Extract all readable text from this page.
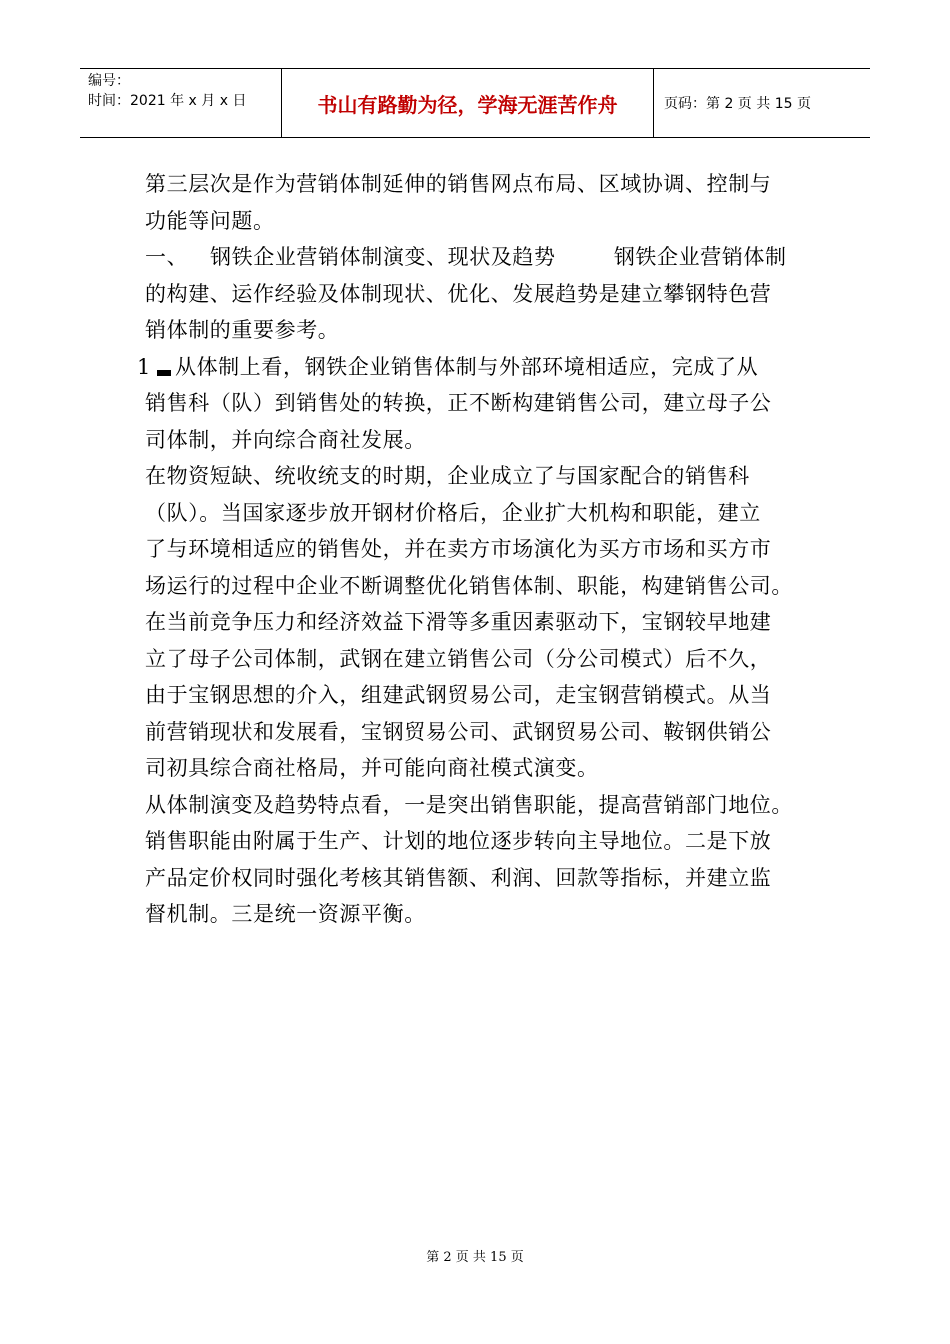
编号：
时间：2021 年 x 月 x 日	书山有路勤为径，学海无涯苦作舟	页码：第 2 页 共 15 页

第三层次是作为营销体制延伸的销售网点布局、区域协调、控制与

功能等问题。

一、   钢铁企业营销体制演变、现状及趋势        钢铁企业营销体制

的构建、运作经验及体制现状、优化、发展趋势是建立攀钢特色营

销体制的重要参考。

1 从体制上看，钢铁企业销售体制与外部环境相适应，完成了从

销售科（队）到销售处的转换，正不断构建销售公司，建立母子公

司体制，并向综合商社发展。

在物资短缺、统收统支的时期，企业成立了与国家配合的销售科

（队）。当国家逐步放开钢材价格后，企业扩大机构和职能，建立

了与环境相适应的销售处，并在卖方市场演化为买方市场和买方市

场运行的过程中企业不断调整优化销售体制、职能，构建销售公司。

在当前竞争压力和经济效益下滑等多重因素驱动下，宝钢较早地建

立了母子公司体制，武钢在建立销售公司（分公司模式）后不久，

由于宝钢思想的介入，组建武钢贸易公司，走宝钢营销模式。从当

前营销现状和发展看，宝钢贸易公司、武钢贸易公司、鞍钢供销公

司初具综合商社格局，并可能向商社模式演变。

从体制演变及趋势特点看，一是突出销售职能，提高营销部门地位。

销售职能由附属于生产、计划的地位逐步转向主导地位。二是下放

产品定价权同时强化考核其销售额、利润、回款等指标，并建立监

督机制。三是统一资源平衡。

第 2 页 共 15 页
